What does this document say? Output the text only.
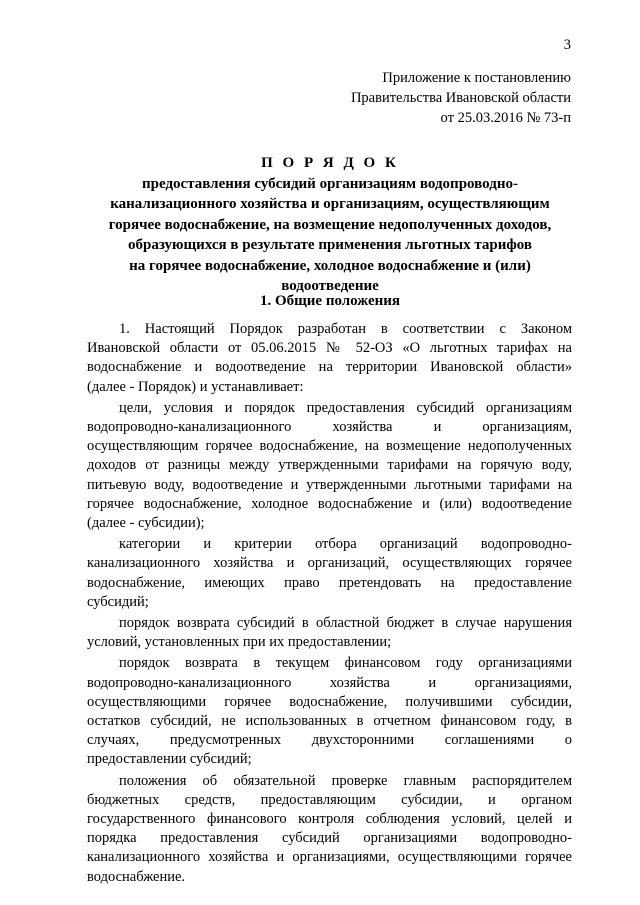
3
Приложение к постановлению
Правительства Ивановской области
от 25.03.2016 № 73-п
П О Р Я Д О К
предоставления субсидий организациям водопроводно-
канализационного хозяйства и организациям, осуществляющим
горячее водоснабжение, на возмещение недополученных доходов,
образующихся в результате применения льготных тарифов
на горячее водоснабжение, холодное водоснабжение и (или)
водоотведение
1. Общие положения
1. Настоящий Порядок разработан в соответствии с Законом
Ивановской области от 05.06.2015 № 52-ОЗ «О льготных тарифах на
водоснабжение и водоотведение на территории Ивановской области»
(далее - Порядок) и устанавливает:
цели, условия и порядок предоставления субсидий организациям
водопроводно-канализационного хозяйства и организациям,
осуществляющим горячее водоснабжение, на возмещение недополученных
доходов от разницы между утвержденными тарифами на горячую воду,
питьевую воду, водоотведение и утвержденными льготными тарифами на
горячее водоснабжение, холодное водоснабжение и (или) водоотведение
(далее - субсидии);
категории и критерии отбора организаций водопроводно-
канализационного хозяйства и организаций, осуществляющих горячее
водоснабжение, имеющих право претендовать на предоставление
субсидий;
порядок возврата субсидий в областной бюджет в случае нарушения
условий, установленных при их предоставлении;
порядок возврата в текущем финансовом году организациями
водопроводно-канализационного хозяйства и организациями,
осуществляющими горячее водоснабжение, получившими субсидии,
остатков субсидий, не использованных в отчетном финансовом году, в
случаях, предусмотренных двухсторонними соглашениями о
предоставлении субсидий;
положения об обязательной проверке главным распорядителем
бюджетных средств, предоставляющим субсидии, и органом
государственного финансового контроля соблюдения условий, целей и
порядка предоставления субсидий организациями водопроводно-
канализационного хозяйства и организациями, осуществляющими горячее
водоснабжение.
